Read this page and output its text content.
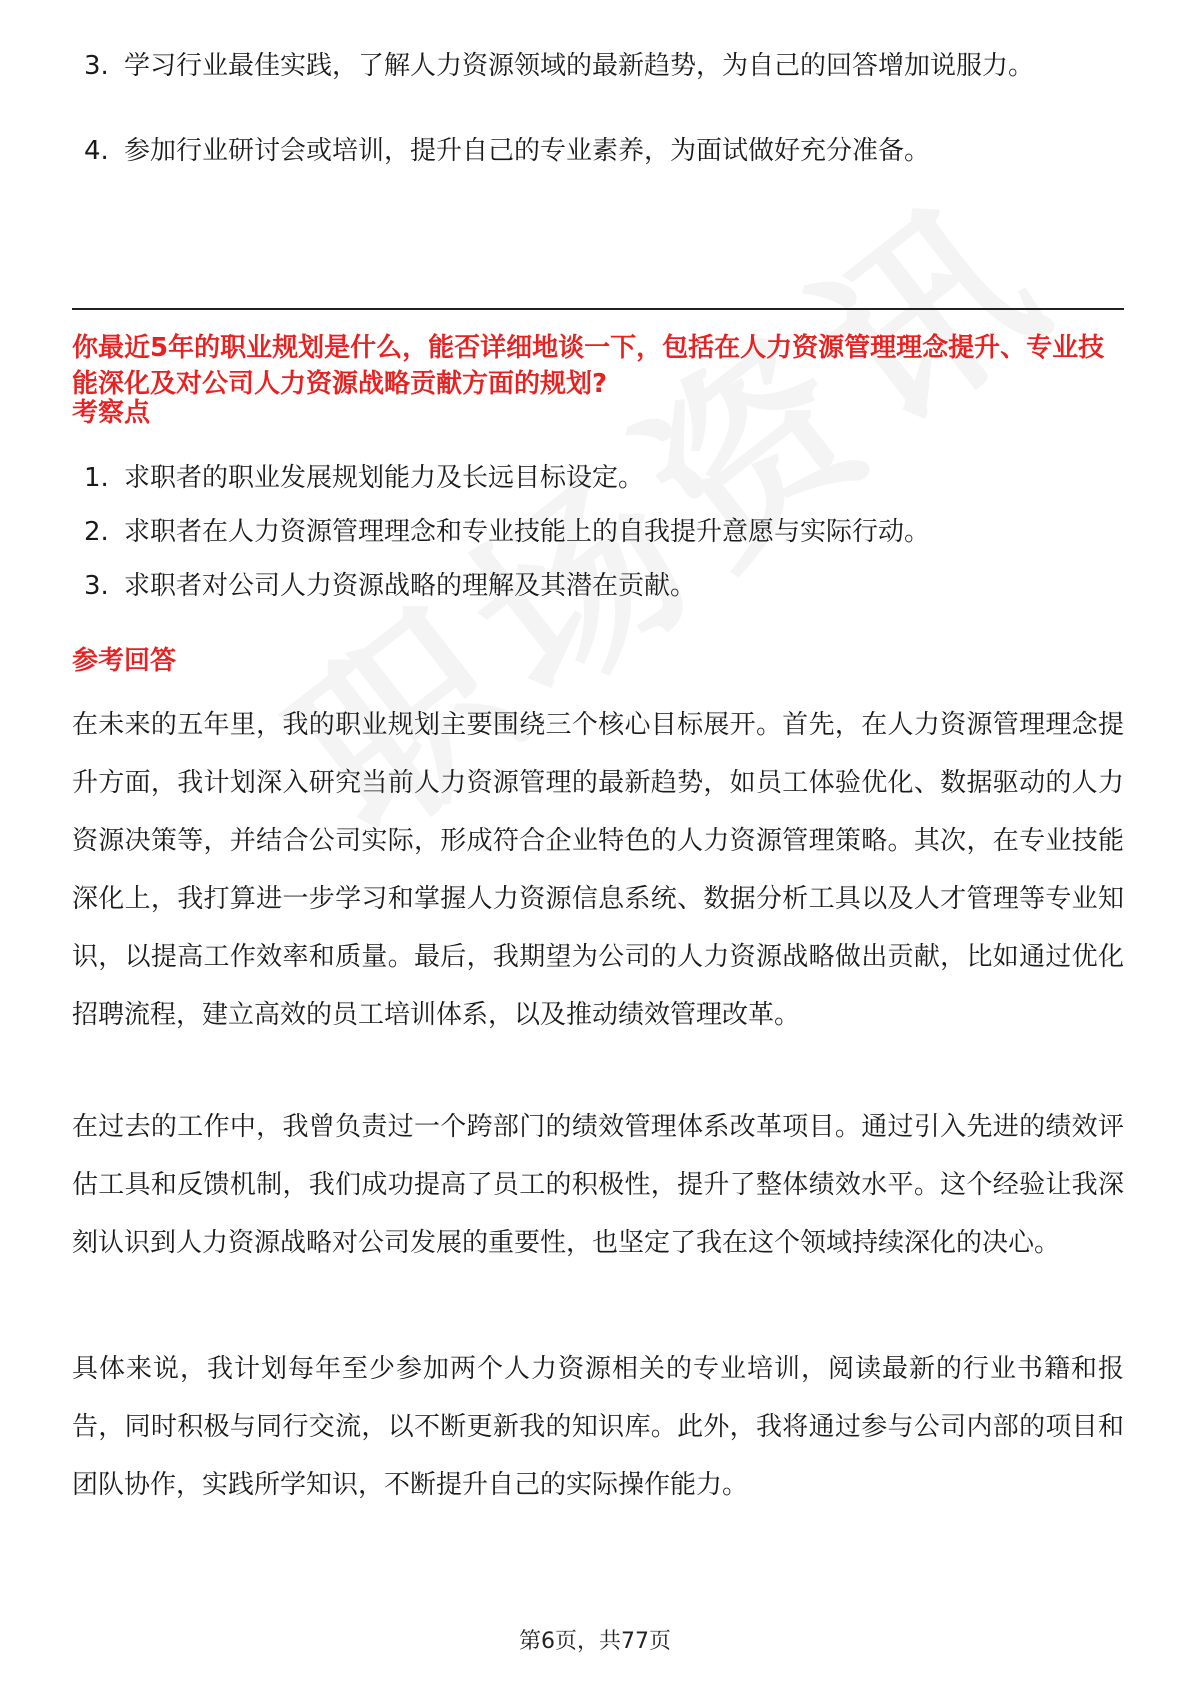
3. 学习行业最佳实践，了解人力资源领域的最新趋势，为自己的回答增加说服力。
4. 参加行业研讨会或培训，提升自己的专业素养，为面试做好充分准备。
你最近5年的职业规划是什么，能否详细地谈一下，包括在人力资源管理理念提升、专业技能深化及对公司人力资源战略贡献方面的规划?
考察点
1. 求职者的职业发展规划能力及长远目标设定。
2. 求职者在人力资源管理理念和专业技能上的自我提升意愿与实际行动。
3. 求职者对公司人力资源战略的理解及其潜在贡献。
参考回答

在未来的五年里，我的职业规划主要围绕三个核心目标展开。首先，在人力资源管理理念提升方面，我计划深入研究当前人力资源管理的最新趋势，如员工体验优化、数据驱动的人力资源决策等，并结合公司实际，形成符合企业特色的人力资源管理策略。其次，在专业技能深化上，我打算进一步学习和掌握人力资源信息系统、数据分析工具以及人才管理等专业知识，以提高工作效率和质量。最后，我期望为公司的人力资源战略做出贡献，比如通过优化招聘流程，建立高效的员工培训体系，以及推动绩效管理改革。

在过去的工作中，我曾负责过一个跨部门的绩效管理体系改革项目。通过引入先进的绩效评估工具和反馈机制，我们成功提高了员工的积极性，提升了整体绩效水平。这个经验让我深刻认识到人力资源战略对公司发展的重要性，也坚定了我在这个领域持续深化的决心。

具体来说，我计划每年至少参加两个人力资源相关的专业培训，阅读最新的行业书籍和报告，同时积极与同行交流，以不断更新我的知识库。此外，我将通过参与公司内部的项目和团队协作，实践所学知识，不断提升自己的实际操作能力。

第6页，共77页
